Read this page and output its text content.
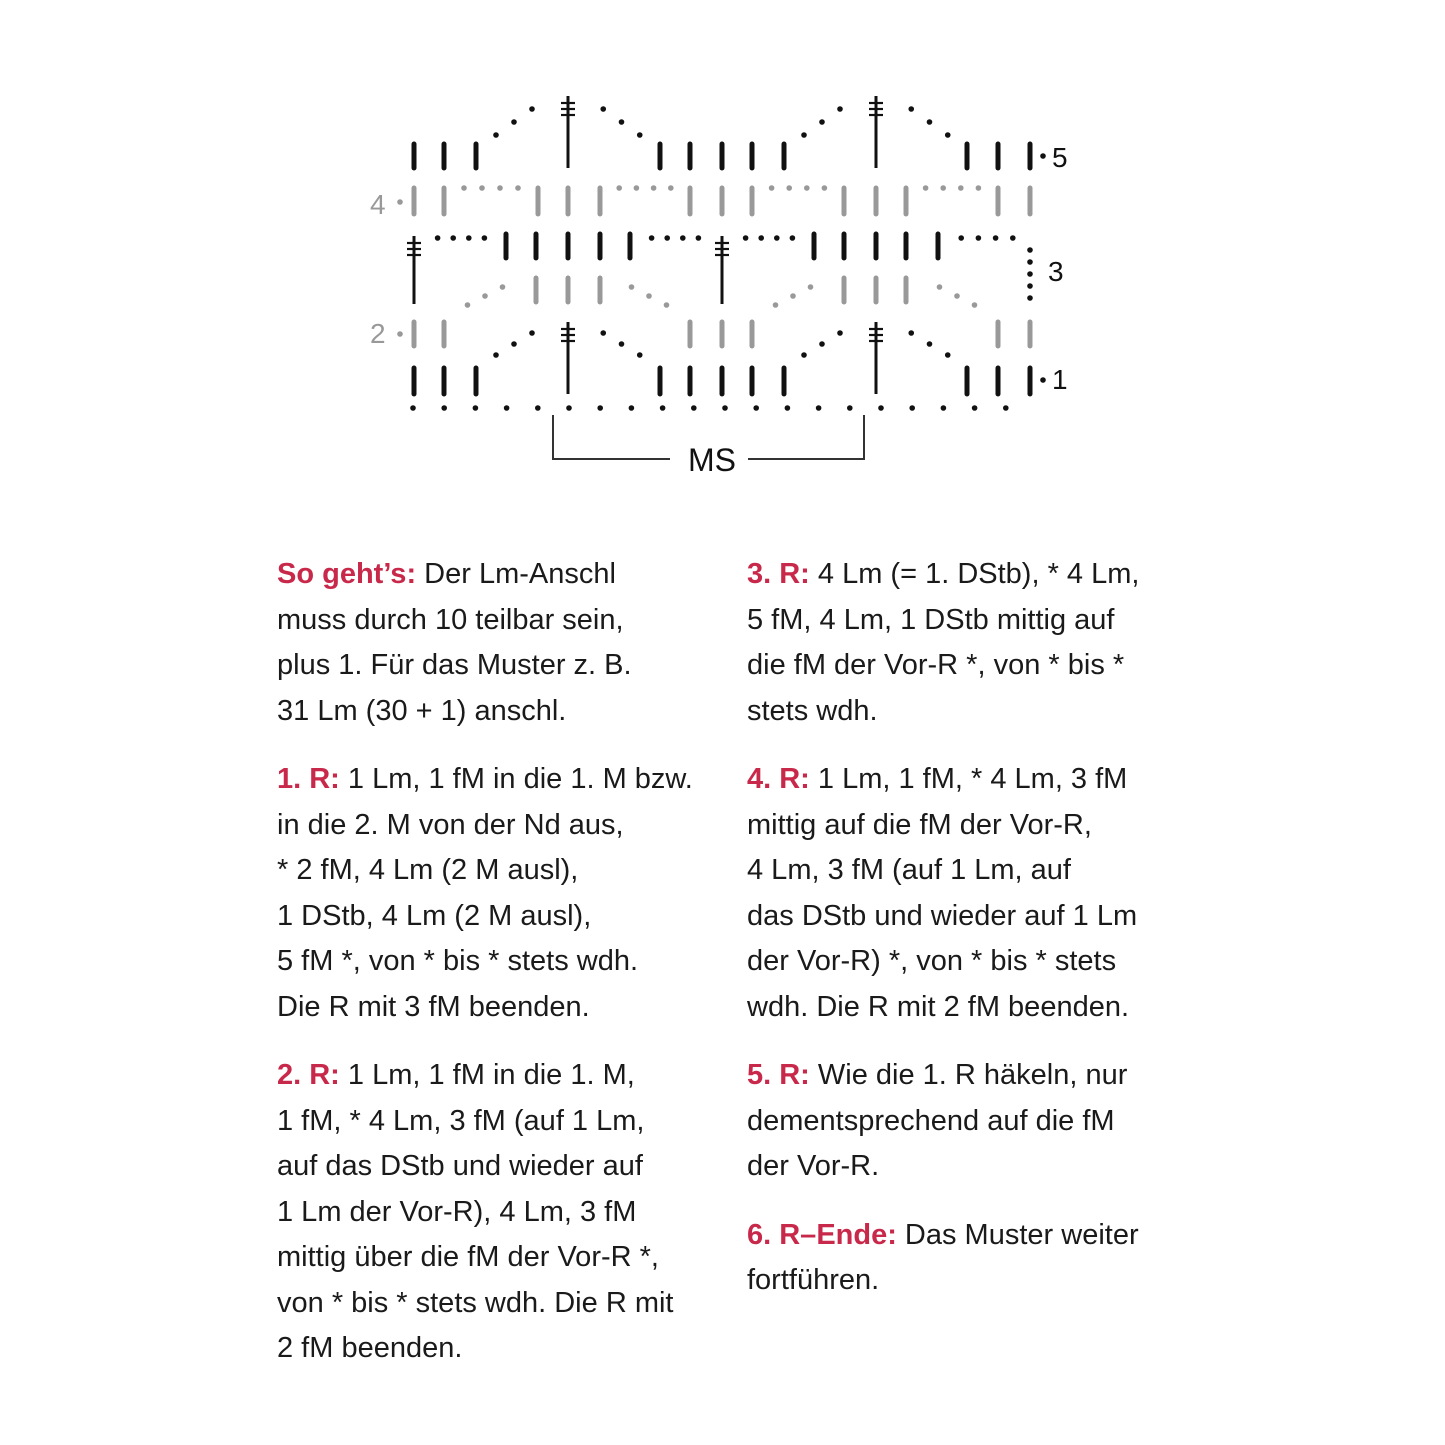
1
2
3
4
5
MS
So geht’s: Der Lm-Anschl
muss durch 10 teilbar sein,
plus 1. Für das Muster z. B.
31 Lm (30 + 1) anschl.
1. R: 1 Lm, 1 fM in die 1. M bzw.
in die 2. M von der Nd aus,
* 2 fM, 4 Lm (2 M ausl),
1 DStb, 4 Lm (2 M ausl),
5 fM *, von * bis * stets wdh.
Die R mit 3 fM beenden.
2. R: 1 Lm, 1 fM in die 1. M,
1 fM, * 4 Lm, 3 fM (auf 1 Lm,
auf das DStb und wieder auf
1 Lm der Vor-R), 4 Lm, 3 fM
mittig über die fM der Vor-R *,
von * bis * stets wdh. Die R mit
2 fM beenden.
3. R: 4 Lm (= 1. DStb), * 4 Lm,
5 fM, 4 Lm, 1 DStb mittig auf
die fM der Vor-R *, von * bis *
stets wdh.
4. R: 1 Lm, 1 fM, * 4 Lm, 3 fM
mittig auf die fM der Vor-R,
4 Lm, 3 fM (auf 1 Lm, auf
das DStb und wieder auf 1 Lm
der Vor-R) *, von * bis * stets
wdh. Die R mit 2 fM beenden.
5. R: Wie die 1. R häkeln, nur
dementsprechend auf die fM
der Vor-R.
6. R–Ende: Das Muster weiter
fortführen.
